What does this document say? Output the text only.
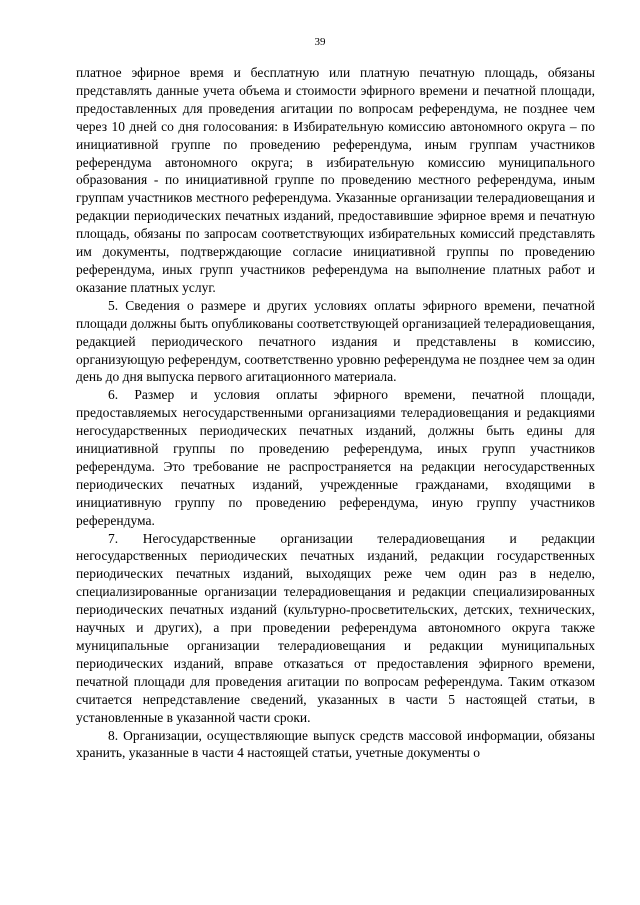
39

платное эфирное время и бесплатную или платную печатную площадь, обязаны представлять данные учета объема и стоимости эфирного времени и печатной площади, предоставленных для проведения агитации по вопросам референдума, не позднее чем через 10 дней со дня голосования: в Избирательную комиссию автономного округа – по инициативной группе по проведению референдума, иным группам участников референдума автономного округа; в избирательную комиссию муниципального образования - по инициативной группе по проведению местного референдума, иным группам участников местного референдума. Указанные организации телерадиовещания и редакции периодических печатных изданий, предоставившие эфирное время и печатную площадь, обязаны по запросам соответствующих избирательных комиссий представлять им документы, подтверждающие согласие инициативной группы по проведению референдума, иных групп участников референдума на выполнение платных работ и оказание платных услуг.

5. Сведения о размере и других условиях оплаты эфирного времени, печатной площади должны быть опубликованы соответствующей организацией телерадиовещания, редакцией периодического печатного издания и представлены в комиссию, организующую референдум, соответственно уровню референдума не позднее чем за один день до дня выпуска первого агитационного материала.

6. Размер и условия оплаты эфирного времени, печатной площади, предоставляемых негосударственными организациями телерадиовещания и редакциями негосударственных периодических печатных изданий, должны быть едины для инициативной группы по проведению референдума, иных групп участников референдума. Это требование не распространяется на редакции негосударственных периодических печатных изданий, учрежденные гражданами, входящими в инициативную группу по проведению референдума, иную группу участников референдума.

7. Негосударственные организации телерадиовещания и редакции негосударственных периодических печатных изданий, редакции государственных периодических печатных изданий, выходящих реже чем один раз в неделю, специализированные организации телерадиовещания и редакции специализированных периодических печатных изданий (культурно-просветительских, детских, технических, научных и других), а при проведении референдума автономного округа также муниципальные организации телерадиовещания и редакции муниципальных периодических изданий, вправе отказаться от предоставления эфирного времени, печатной площади для проведения агитации по вопросам референдума. Таким отказом считается непредставление сведений, указанных в части 5 настоящей статьи, в установленные в указанной части сроки.

8. Организации, осуществляющие выпуск средств массовой информации, обязаны хранить, указанные в части 4 настоящей статьи, учетные документы о
